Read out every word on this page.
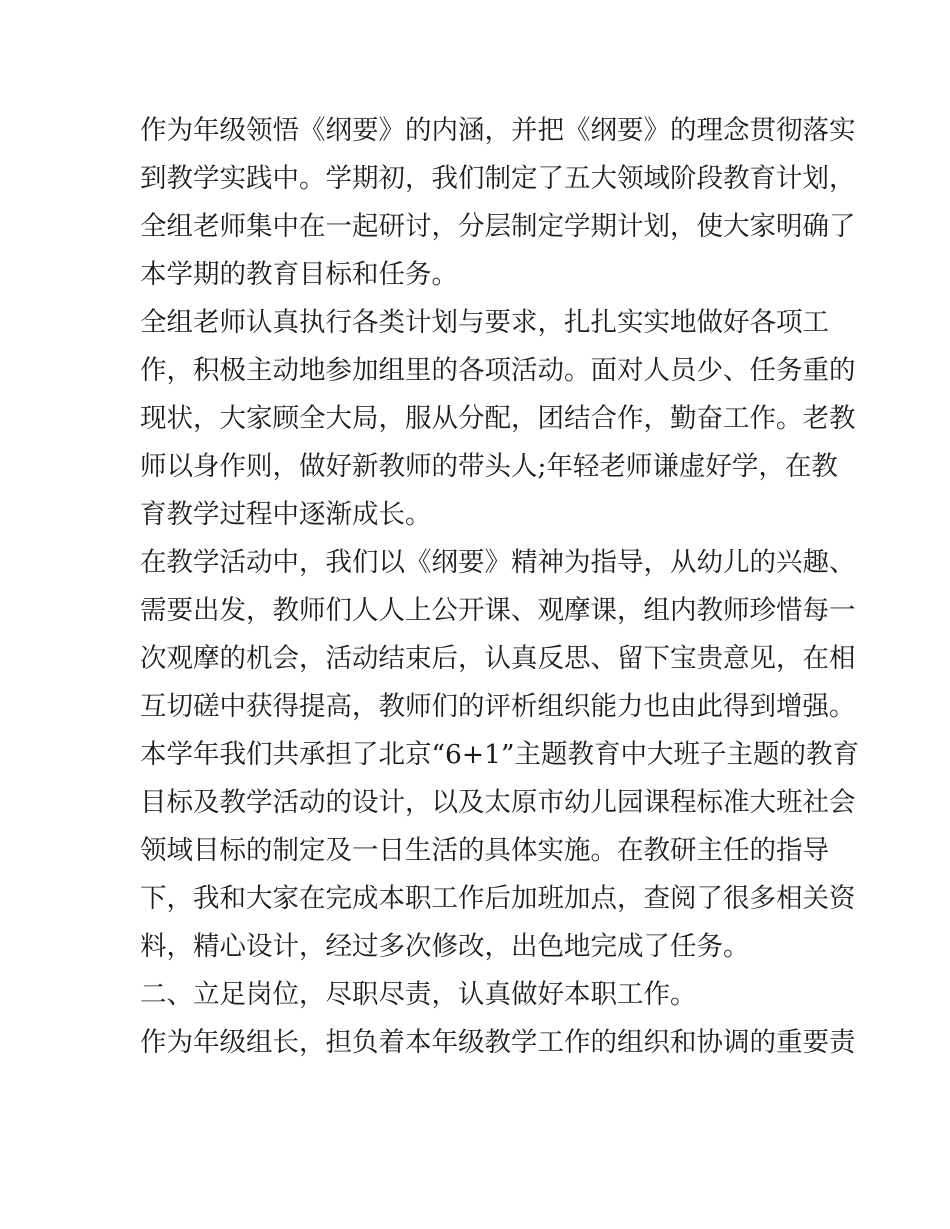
作为年级领悟《纲要》的内涵，并把《纲要》的理念贯彻落实
到教学实践中。学期初，我们制定了五大领域阶段教育计划，
全组老师集中在一起研讨，分层制定学期计划，使大家明确了
本学期的教育目标和任务。
全组老师认真执行各类计划与要求，扎扎实实地做好各项工
作，积极主动地参加组里的各项活动。面对人员少、任务重的
现状，大家顾全大局，服从分配，团结合作，勤奋工作。老教
师以身作则，做好新教师的带头人;年轻老师谦虚好学，在教
育教学过程中逐渐成长。
在教学活动中，我们以《纲要》精神为指导，从幼儿的兴趣、
需要出发，教师们人人上公开课、观摩课，组内教师珍惜每一
次观摩的机会，活动结束后，认真反思、留下宝贵意见，在相
互切磋中获得提高，教师们的评析组织能力也由此得到增强。
本学年我们共承担了北京“6+1”主题教育中大班子主题的教育
目标及教学活动的设计，以及太原市幼儿园课程标准大班社会
领域目标的制定及一日生活的具体实施。在教研主任的指导
下，我和大家在完成本职工作后加班加点，查阅了很多相关资
料，精心设计，经过多次修改，出色地完成了任务。
二、立足岗位，尽职尽责，认真做好本职工作。
作为年级组长，担负着本年级教学工作的组织和协调的重要责
